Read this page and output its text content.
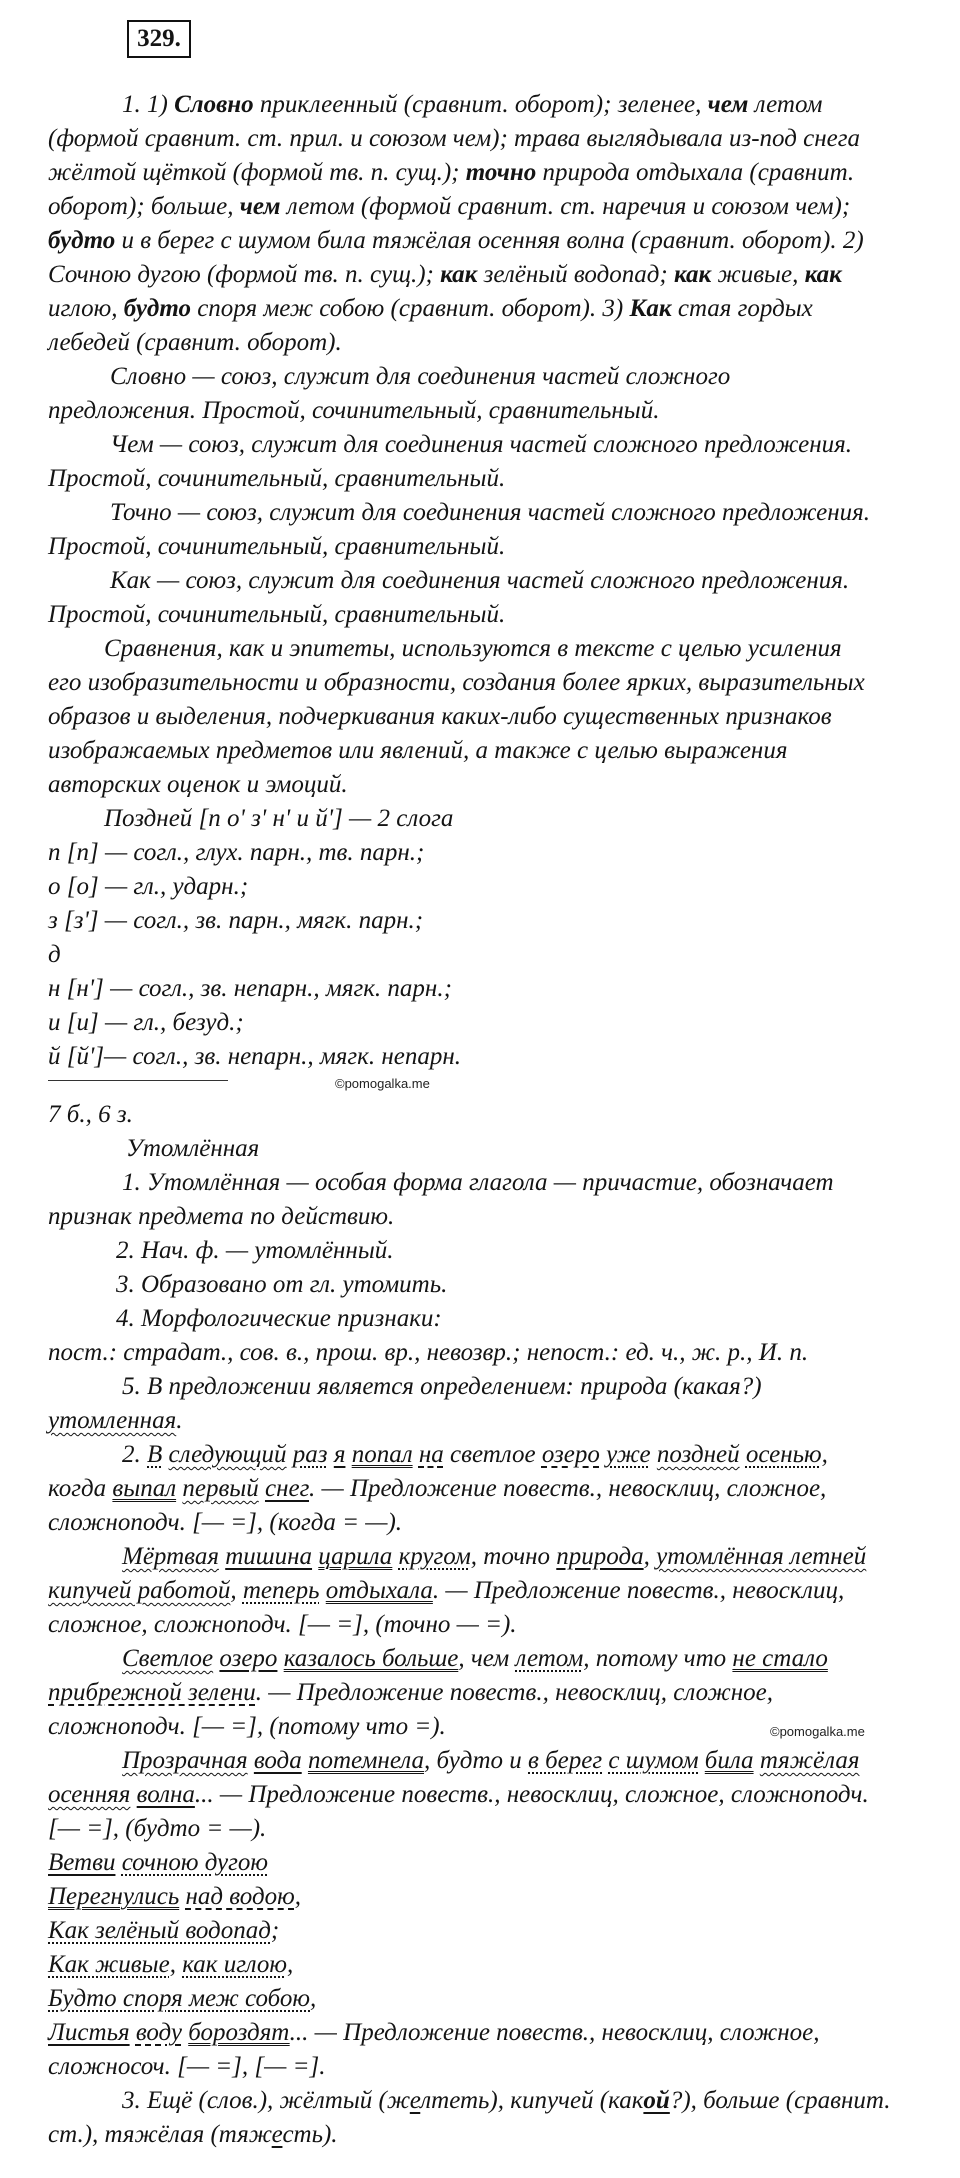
329.
1. 1) Словно приклеенный (сравнит. оборот); зеленее, чем летом
(формой сравнит. ст. прил. и союзом чем); трава выглядывала из-под снега
жёлтой щёткой (формой тв. п. сущ.); точно природа отдыхала (сравнит.
оборот); больше, чем летом (формой сравнит. ст. наречия и союзом чем);
будто и в берег с шумом била тяжёлая осенняя волна (сравнит. оборот). 2)
Сочною дугою (формой тв. п. сущ.); как зелёный водопад; как живые, как
иглою, будто споря меж собою (сравнит. оборот). 3) Как стая гордых
лебедей (сравнит. оборот).
Словно — союз, служит для соединения частей сложного
предложения. Простой, сочинительный, сравнительный.
Чем — союз, служит для соединения частей сложного предложения.
Простой, сочинительный, сравнительный.
Точно — союз, служит для соединения частей сложного предложения.
Простой, сочинительный, сравнительный.
Как — союз, служит для соединения частей сложного предложения.
Простой, сочинительный, сравнительный.
Сравнения, как и эпитеты, используются в тексте с целью усиления
его изобразительности и образности, создания более ярких, выразительных
образов и выделения, подчеркивания каких-либо существенных признаков
изображаемых предметов или явлений, а также с целью выражения
авторских оценок и эмоций.
Поздней [п о' з' н' и й'] — 2 слога
п [п] — согл., глух. парн., тв. парн.;
о [о] — гл., ударн.;
з [з'] — согл., зв. парн., мягк. парн.;
д
н [н'] — согл., зв. непарн., мягк. парн.;
и [и] — гл., безуд.;
й [й']— согл., зв. непарн., мягк. непарн.
7 б., 6 з.
Утомлённая
1. Утомлённая — особая форма глагола — причастие, обозначает
признак предмета по действию.
2. Нач. ф. — утомлённый.
3. Образовано от гл. утомить.
4. Морфологические признаки:
пост.: страдат., сов. в., прош. вр., невозвр.; непост.: ед. ч., ж. р., И. п.
5. В предложении является определением: природа (какая?)
утомленная.
2. В следующий раз я попал на светлое озеро уже поздней осенью,
когда выпал первый снег. — Предложение повеств., невосклиц, сложное,
сложноподч. [— =], (когда = —).
Мёртвая тишина царила кругом, точно природа, утомлённая летней
кипучей работой, теперь отдыхала. — Предложение повеств., невосклиц,
сложное, сложноподч. [— =], (точно — =).
Светлое озеро казалось больше, чем летом, потому что не стало
прибрежной зелени. — Предложение повеств., невосклиц, сложное,
сложноподч. [— =], (потому что =).
Прозрачная вода потемнела, будто и в берег с шумом била тяжёлая
осенняя волна... — Предложение повеств., невосклиц, сложное, сложноподч.
[— =], (будто = —).
Ветви сочною дугою
Перегнулись над водою,
Как зелёный водопад;
Как живые, как иглою,
Будто споря меж собою,
Листья воду бороздят... — Предложение повеств., невосклиц, сложное,
сложносоч. [— =], [— =].
3. Ещё (слов.), жёлтый (желтеть), кипучей (какой?), больше (сравнит.
ст.), тяжёлая (тяжесть).
©pomogalka.me
©pomogalka.me
